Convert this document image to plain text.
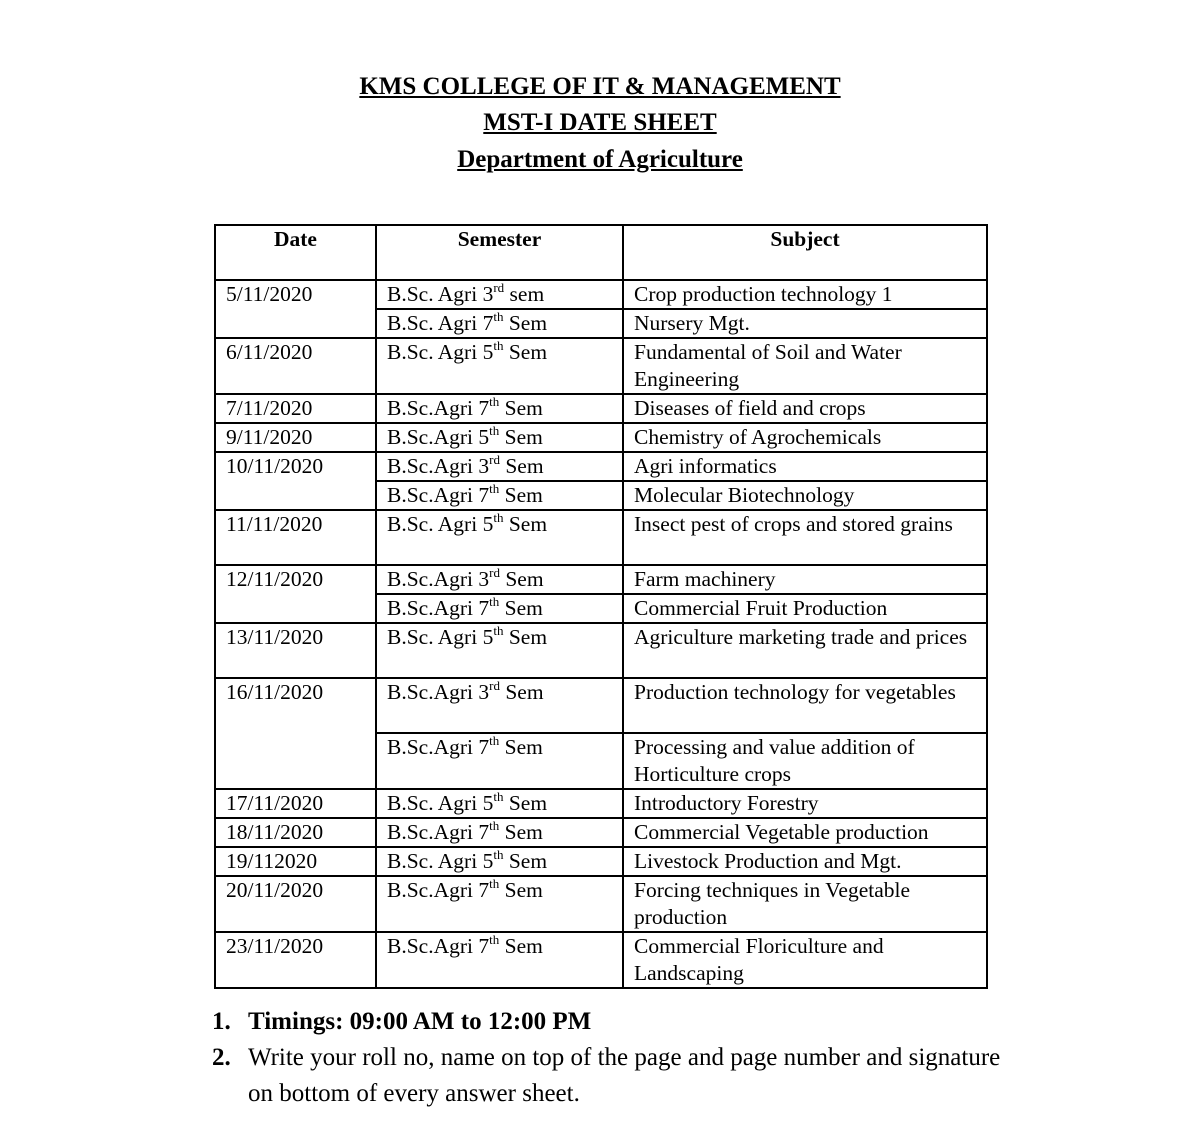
KMS COLLEGE OF IT & MANAGEMENT
MST-I DATE SHEET
Department of Agriculture
Date	Semester	Subject
5/11/2020	B.Sc. Agri 3rd sem	Crop production technology 1
	B.Sc. Agri 7th Sem	Nursery Mgt.
6/11/2020	B.Sc. Agri 5th Sem	Fundamental of Soil and Water Engineering
7/11/2020	B.Sc.Agri 7th Sem	Diseases of field and crops
9/11/2020	B.Sc.Agri 5th Sem	Chemistry of Agrochemicals
10/11/2020	B.Sc.Agri 3rd Sem	Agri informatics
	B.Sc.Agri 7th Sem	Molecular Biotechnology
11/11/2020	B.Sc. Agri 5th Sem	Insect pest of crops and stored grains
12/11/2020	B.Sc.Agri 3rd Sem	Farm machinery
	B.Sc.Agri 7th Sem	Commercial Fruit Production
13/11/2020	B.Sc. Agri 5th Sem	Agriculture marketing trade and prices
16/11/2020	B.Sc.Agri 3rd Sem	Production technology for vegetables
	B.Sc.Agri 7th Sem	Processing and value addition of Horticulture crops
17/11/2020	B.Sc. Agri 5th Sem	Introductory Forestry
18/11/2020	B.Sc.Agri 7th Sem	Commercial Vegetable production
19/112020	B.Sc. Agri 5th Sem	Livestock Production and Mgt.
20/11/2020	B.Sc.Agri 7th Sem	Forcing techniques in Vegetable production
23/11/2020	B.Sc.Agri 7th Sem	Commercial Floriculture and Landscaping
1. Timings: 09:00 AM to 12:00 PM
2. Write your roll no, name on top of the page and page number and signature on bottom of every answer sheet.
